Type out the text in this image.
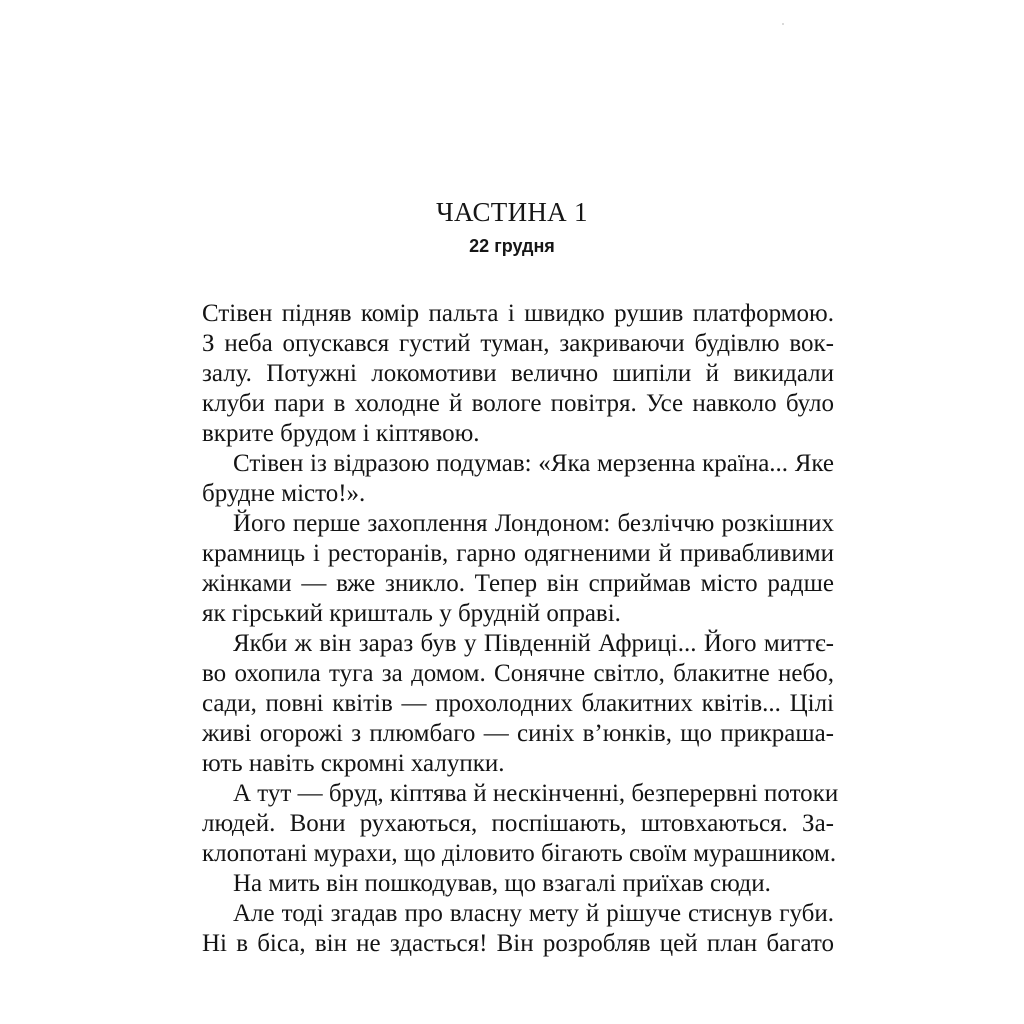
ЧАСТИНА 1
22 грудня
Стівен підняв комір пальта і швидко рушив платформою.
З неба опускався густий туман, закриваючи будівлю вок-
залу. Потужні локомотиви велично шипіли й викидали
клуби пари в холодне й вологе повітря. Усе навколо було
вкрите брудом і кіптявою.
Стівен із відразою подумав: «Яка мерзенна країна... Яке
брудне місто!».
Його перше захоплення Лондоном: безліччю розкішних
крамниць і ресторанів, гарно одягненими й привабливими
жінками — вже зникло. Тепер він сприймав місто радше
як гірський кришталь у брудній оправі.
Якби ж він зараз був у Південній Африці... Його миттє-
во охопила туга за домом. Сонячне світло, блакитне небо,
сади, повні квітів — прохолодних блакитних квітів... Цілі
живі огорожі з плюмбаго — синіх в’юнків, що прикраша-
ють навіть скромні халупки.
А тут — бруд, кіптява й нескінченні, безперервні потоки
людей. Вони рухаються, поспішають, штовхаються. За-
клопотані мурахи, що діловито бігають своїм мурашником.
На мить він пошкодував, що взагалі приїхав сюди.
Але тоді згадав про власну мету й рішуче стиснув губи.
Ні в біса, він не здасться! Він розробляв цей план багато
